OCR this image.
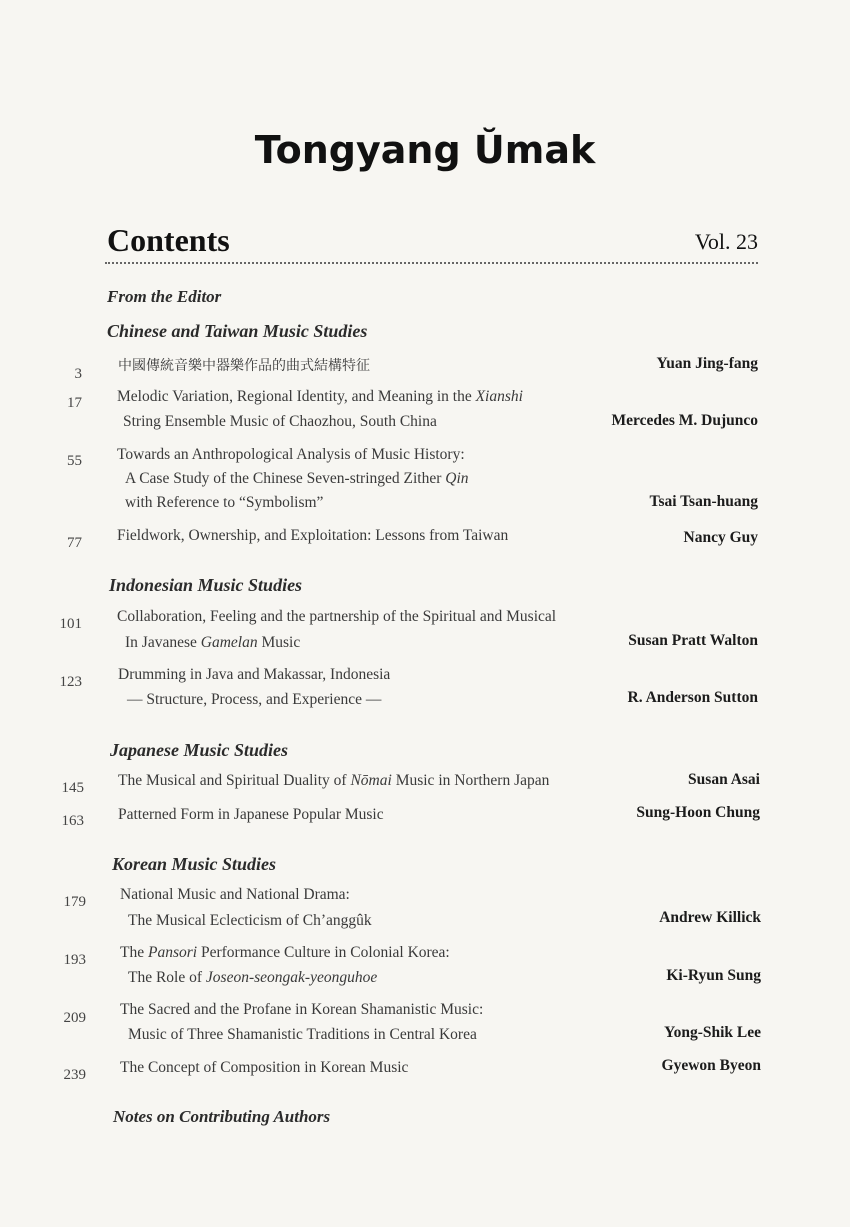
Tongyang Ŭmak
Contents	Vol. 23
From the Editor
Chinese and Taiwan Music Studies
3	中國傳統音樂中器樂作品的曲式結構特征	Yuan Jing-fang
17 Melodic Variation, Regional Identity, and Meaning in the Xianshi
String Ensemble Music of Chaozhou, South China	Mercedes M. Dujunco
55 Towards an Anthropological Analysis of Music History:
A Case Study of the Chinese Seven-stringed Zither Qin
with Reference to “Symbolism”	Tsai Tsan-huang
77 Fieldwork, Ownership, and Exploitation: Lessons from Taiwan	Nancy Guy
Indonesian Music Studies
101 Collaboration, Feeling and the partnership of the Spiritual and Musical
In Javanese Gamelan Music	Susan Pratt Walton
123 Drumming in Java and Makassar, Indonesia
— Structure, Process, and Experience —	R. Anderson Sutton
Japanese Music Studies
145 The Musical and Spiritual Duality of Nōmai Music in Northern Japan	Susan Asai
163 Patterned Form in Japanese Popular Music	Sung-Hoon Chung
Korean Music Studies
179 National Music and National Drama:
The Musical Eclecticism of Ch’anggûk	Andrew Killick
193 The Pansori Performance Culture in Colonial Korea:
The Role of Joseon-seongak-yeonguhoe	Ki-Ryun Sung
209 The Sacred and the Profane in Korean Shamanistic Music:
Music of Three Shamanistic Traditions in Central Korea	Yong-Shik Lee
239 The Concept of Composition in Korean Music	Gyewon Byeon
Notes on Contributing Authors
